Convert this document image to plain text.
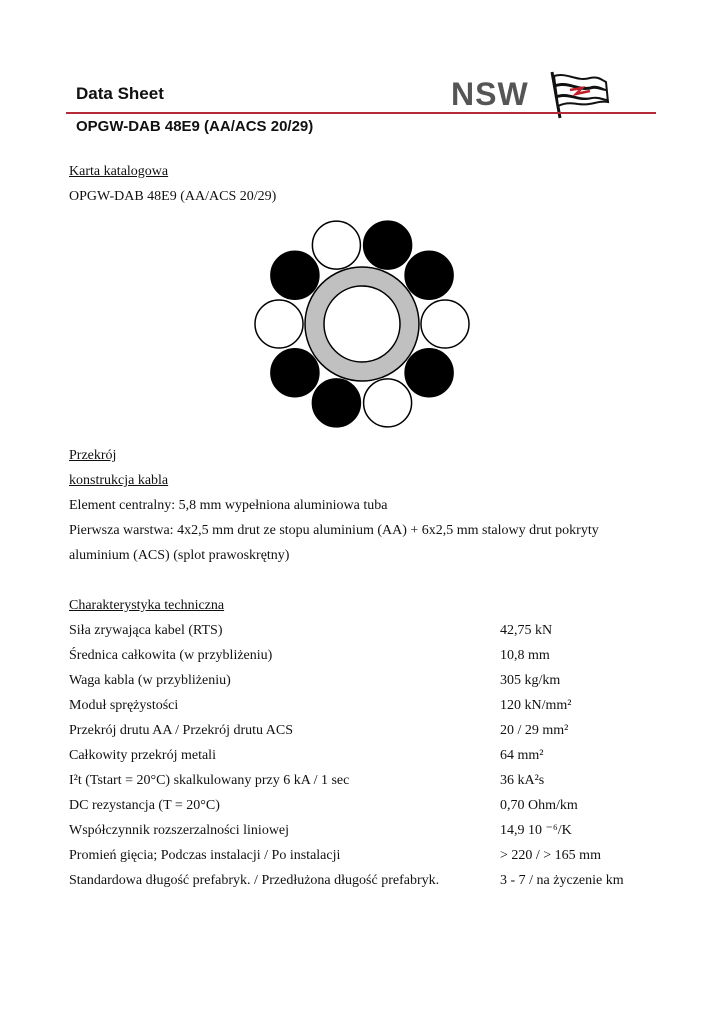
Data Sheet	NSW
OPGW-DAB 48E9 (AA/ACS 20/29)
Karta katalogowa
OPGW-DAB 48E9 (AA/ACS 20/29)
Przekrój
konstrukcja kabla
Element centralny: 5,8 mm wypełniona aluminiowa tuba
Pierwsza warstwa: 4x2,5 mm drut ze stopu aluminium (AA) + 6x2,5 mm stalowy drut pokryty
aluminium (ACS) (splot prawoskrętny)
Charakterystyka techniczna
Siła zrywająca kabel (RTS)	42,75 kN
Średnica całkowita (w przybliżeniu)	10,8 mm
Waga kabla (w przybliżeniu)	305 kg/km
Moduł sprężystości	120 kN/mm²
Przekrój drutu AA / Przekrój drutu ACS	20 / 29 mm²
Całkowity przekrój metali	64 mm²
I²t (Tstart = 20°C) skalkulowany przy 6 kA / 1 sec	36 kA²s
DC rezystancja (T = 20°C)	0,70 Ohm/km
Współczynnik rozszerzalności liniowej	14,9 10 ⁻⁶/K
Promień gięcia; Podczas instalacji / Po instalacji	> 220 / > 165 mm
Standardowa długość prefabryk. / Przedłużona długość prefabryk.	3 - 7 / na życzenie km
